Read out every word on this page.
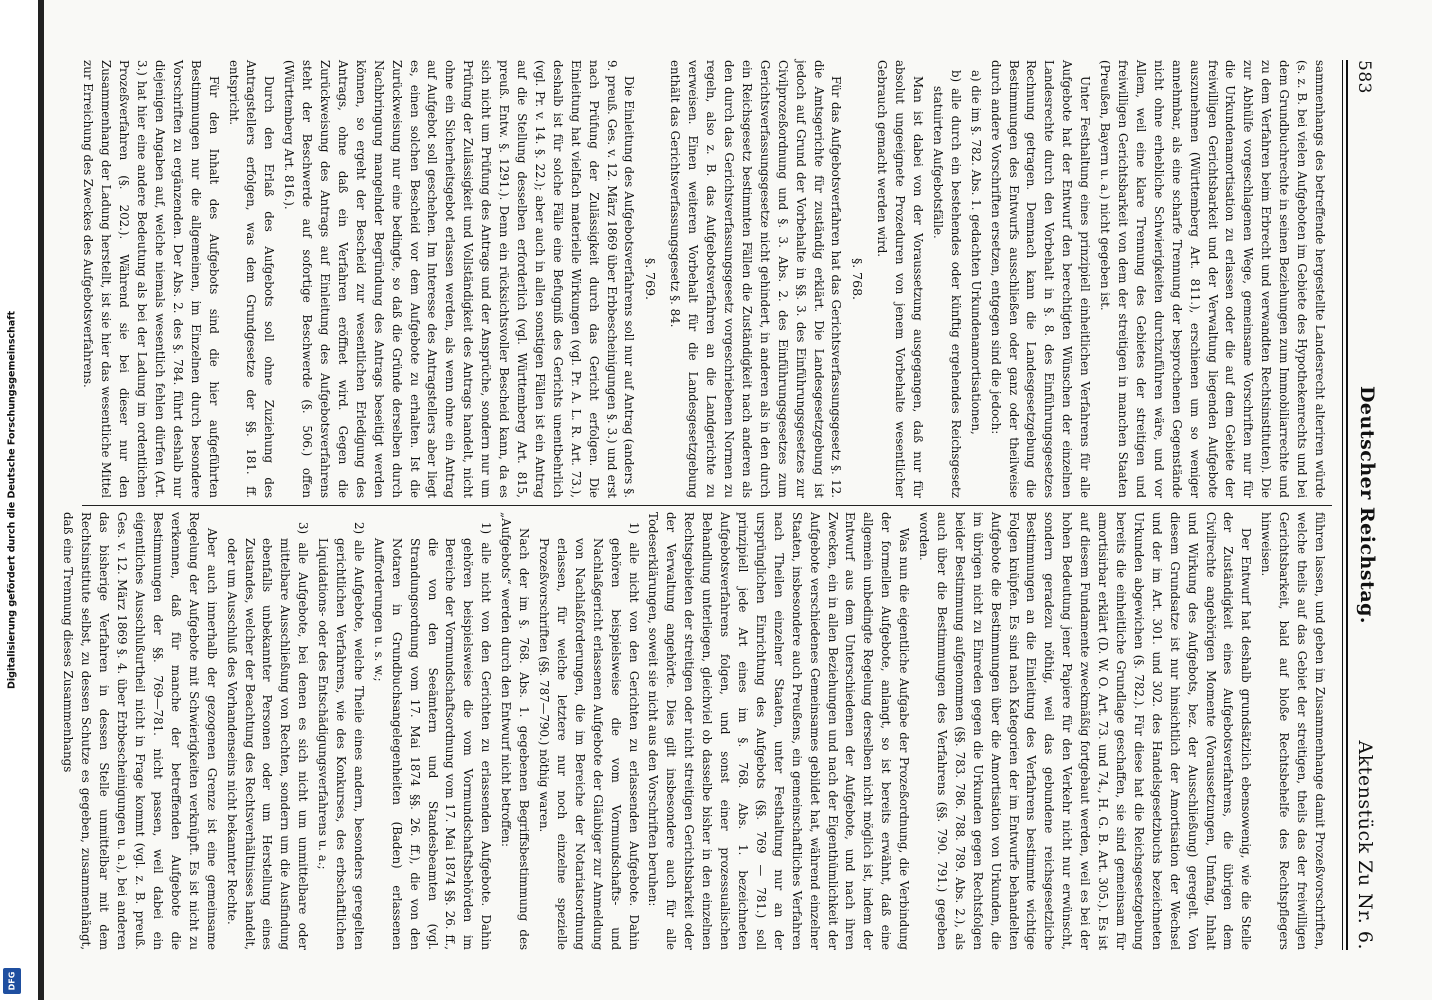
Digitalisierung gefördert durch die Deutsche Forschungsgemeinschaft
DFG
583
Deutscher Reichstag.
Aktenstück Zu Nr. 6.

sammenhangs des betreffende hergestellte Landesrecht alteriren würde (s. z. B. bei vielen Aufgeboten im Gebiete des Hypothekenrechts und bei dem Grundbuchrechte in seinen Beziehungen zum Immobiliarrechte und zu dem Verfahren beim Erbrecht und verwandten Rechtsinstituten). Die zur Abhülfe vorgeschlagenen Wege, gemeinsame Vorschriften nur für die Urkundenamortisation zu erlassen oder die auf dem Gebiete der freiwilligen Gerichtsbarkeit und der Verwaltung liegenden Aufgebote auszunehmen (Württemberg Art. 811.), erschienen um so weniger annehmbar, als eine scharfe Trennung der besprochenen Gegenstände nicht ohne erhebliche Schwierigkeiten durchzuführen wäre, und vor Allem, weil eine klare Trennung des Gebietes der streitigen und freiwilligen Gerichtsbarkeit von dem der streitigen in manchen Staaten (Preußen, Bayern u. a.) nicht gegeben ist.

Unter Festhaltung eines prinzipiell einheitlichen Verfahrens für alle Aufgebote hat der Entwurf den berechtigten Wünschen der einzelnen Landesrechte durch den Vorbehalt in §. 8. des Einführungsgesetzes Rechnung getragen. Demnach kann die Landesgesetzgebung die Bestimmungen des Entwurfs ausschließen oder ganz oder theilweise durch andere Vorschriften ersetzen, entgegen sind die jedoch:

a) die im §. 782. Abs. 1. gedachten Urkundenamortisationen,

b) alle durch ein bestehendes oder künftig ergehendes Reichsgesetz statuirten Aufgebotsfälle.

Man ist dabei von der Voraussetzung ausgegangen, daß nur für absolut ungeeignete Prozeduren von jenem Vorbehalte wesentlicher Gebrauch gemacht werden wird.

§. 768.

Für das Aufgebotsverfahren hat das Gerichtsverfassungsgesetz §. 12. die Amtsgerichte für zuständig erklärt. Die Landesgesetzgebung ist jedoch auf Grund der Vorbehalte in §§. 3. des Einführungsgesetzes zur Civilprozeßordnung und §. 3. Abs. 2. des Einführungsgesetzes zum Gerichtsverfassungsgesetze nicht gehindert, in anderen als in den durch ein Reichsgesetz bestimmten Fällen die Zuständigkeit nach anderen als den durch das Gerichtsverfassungsgesetz vorgeschriebenen Normen zu regeln, also z. B. das Aufgebotsverfahren an die Landgerichte zu verweisen. Einen weiteren Vorbehalt für die Landesgesetzgebung enthält das Gerichtsverfassungsgesetz §. 84.

§. 769.

Die Einleitung des Aufgebotsverfahrens soll nur auf Antrag (anders §. 9. preuß. Ges. v. 12. März 1869 über Erbbescheinigungen §. 3.) und erst nach Prüfung der Zulässigkeit durch das Gericht erfolgen. Die Einleitung hat vielfach materielle Wirkungen (vgl. Pr. A. L. R. Art. 73.), deshalb ist für solche Fälle eine Befugniß des Gerichts unentbehrlich (vgl. Pr. v. 14. §. 22.); aber auch in allen sonstigen Fällen ist ein Antrag auf die Stellung desselben erforderlich (vgl. Württemberg Art. 815, preuß. Entw. §. 1291.). Denn ein rücksichtsvoller Bescheid kann, da es sich nicht um Prüfung des Antrags und der Ansprüche, sondern nur um Prüfung der Zulässigkeit und Vollständigkeit des Antrags handelt, nicht ohne ein Sicherheitsgebot erlassen werden, als wenn ohne ein Antrag auf Aufgebot soll geschehen. Im Interesse des Antragstellers aber liegt es, einen solchen Bescheid vor dem Aufgebote zu erhalten. Ist die Zurückweisung nur eine bedingte, so daß die Gründe derselben durch Nachbringung mangelnder Begründung des Antrags beseitigt werden können, so ergeht der Bescheid zur wesentlichen Erledigung des Antrags, ohne daß ein Verfahren eröffnet wird. Gegen die Zurückweisung des Antrags auf Einleitung des Aufgebotsverfahrens steht der Beschwerde auf sofortige Beschwerde (§. 506.) offen (Württemberg Art. 816.).

Durch den Erlaß des Aufgebots soll ohne Zuziehung des Antragstellers erfolgen, was dem Grundgesetze der §§. 181. ff. entspricht.

Für den Inhalt des Aufgebots sind die hier aufgeführten Bestimmungen nur die allgemeinen, im Einzelnen durch besondere Vorschriften zu ergänzenden. Der Abs. 2. des §. 784. führt deshalb nur diejenigen Angaben auf, welche niemals wesentlich fehlen dürfen (Art. 3.) hat hier eine andere Bedeutung als bei der Ladung im ordentlichen Prozeßverfahren (§. 202.). Während sie bei dieser nur den Zusammenhang der Ladung herstellt, ist sie hier das wesentliche Mittel zur Erreichung des Zweckes des Aufgebotsverfahrens.

führen lassen, und geben im Zusammenhange damit Prozeßvorschriften, welche theils auf das Gebiet der streitigen, theils das der freiwilligen Gerichtsbarkeit, bald auf bloße Rechtsbehelfe des Rechtspflegers hinweisen.

Der Entwurf hat deshalb grundsätzlich ebensowenig, wie die Stelle der Zuständigkeit eines Aufgebotsverfahrens, die übrigen dem Civilrechte angehörigen Momente (Voraussetzungen, Umfang, Inhalt und Wirkung des Aufgebots, bez. der Ausschließung) geregelt. Von diesem Grundsatze ist nur hinsichtlich der Amortisation der Wechsel und der im Art. 301. und 302. des Handelsgesetzbuchs bezeichneten Urkunden abgewichen (§. 782.). Für diese hat die Reichsgesetzgebung bereits die einheitliche Grundlage geschaffen, sie sind gemeinsam für amortisirbar erklärt (D. W. O. Art. 73. und 74., H. G. B. Art. 305.). Es ist auf diesem Fundamente zweckmäßig fortgebaut werden, weil es bei der hohen Bedeutung jener Papiere für den Verkehr nicht nur erwünscht, sondern geradezu nöthig, weil das gebundene reichsgesetzliche Bestimmungen an die Einleitung des Verfahrens bestimmte wichtige Folgen knüpfen. Es sind nach Kategorien der im Entwurfe behandelten Aufgebote die Bestimmungen über die Amortisation von Urkunden, die im übrigen nicht zu Einreden gegen die Urkunden gegen Rechtsfolgen beider Bestimmung aufgenommen (§§. 783. 786. 788. 789. Abs. 2.), als auch über die Bestimmungen des Verfahrens (§§. 790. 791.) gegeben worden.

Was nun die eigentliche Aufgabe der Prozeßordnung, die Verbindung der formellen Aufgebote, anlangt, so ist bereits erwähnt, daß eine allgemein unbedingte Regelung derselben nicht möglich ist, indem der Entwurf aus dem Unterschiedenen der Aufgebote, und nach ihren Zwecken, ein in allen Beziehungen und nach der Eigenthümlichkeit der Aufgebote verschiedenes Gemeinsames gebildet hat, während einzelner Staaten, insbesondere auch Preußens, ein gemeinschaftliches Verfahren nach Theilen einzelner Staaten, unter Festhaltung nur an der ursprünglichen Einrichtung des Aufgebots (§§. 769 — 781.) soll prinzipiell jede Art eines im §. 768. Abs. 1. bezeichneten Aufgebotsverfahrens folgen, und sonst einer prozessualischen Behandlung unterliegen, gleichviel ob dasselbe bisher in den einzelnen Rechtsgebieten der streitigen oder nicht streitigen Gerichtsbarkeit oder der Verwaltung angehörte. Dies gilt insbesondere auch für alle Todeserklärungen, soweit sie nicht aus den Vorschriften beruhen:

1) alle nicht von den Gerichten zu erlassenden Aufgebote. Dahin gehören beispielsweise die vom Vormundschafts- und Nachlaßgericht erlassenen Aufgebote der Gläubiger zur Anmeldung von Nachlaßforderungen, die im Bereiche der Notariatsordnung erlassen, für welche letztere nur noch einzelne spezielle Prozeßvorschriften (§§. 787—790.) nöthig waren.

Nach der im §. 768. Abs. 1. gegebenen Begriffsbestimmung des „Aufgebots“ werden durch den Entwurf nicht betroffen:

1) alle nicht von den Gerichten zu erlassenden Aufgebote. Dahin gehören beispielsweise die vom Vormundschaftsbehörden im Bereiche der Vormundschaftsordnung vom 17. Mai 1874 §§. 26. ff., die von den Seeämtern und Standesbeamten (vgl. Strandungsordnung vom 17. Mai 1874 §§. 26. ff.), die von den Notaren in Grundbuchsangelegenheiten (Baden) erlassenen Aufforderungen u. s. w.;

2) alle Aufgebote, welche Theile eines andern, besonders geregelten gerichtlichen Verfahrens, wie des Konkurses, des erbschaftlichen Liquidations- oder des Entschädigungsverfahrens u. a.;

3) alle Aufgebote, bei denen es sich nicht um unmittelbare oder mittelbare Ausschließung von Rechten, sondern um die Ausfindung ebenfalls unbekannter Personen oder um Herstellung eines Zustandes, welcher der Beachtung des Rechtsverhältnisses handelt, oder um Ausschluß des Vorhandenseins nicht bekannter Rechte.

Aber auch innerhalb der gezogenen Grenze ist eine gemeinsame Regelung der Aufgebote mit Schwierigkeiten verknüpft. Es ist nicht zu verkennen, daß für manche der betreffenden Aufgebote die Bestimmungen der §§. 769—781. nicht passen, weil dabei ein eigentliches Ausschlußurtheil nicht in Frage kommt (vgl. z. B. preuß. Ges. v. 12. März 1869 §. 4. über Erbbescheinigungen u. a.), bei anderen das bisherige Verfahren in dessen Stelle unmittelbar mit dem Rechtsinstitute selbst, zu dessen Schutze es gegeben, zusammenhängt, daß eine Trennung dieses Zusammenhangs
